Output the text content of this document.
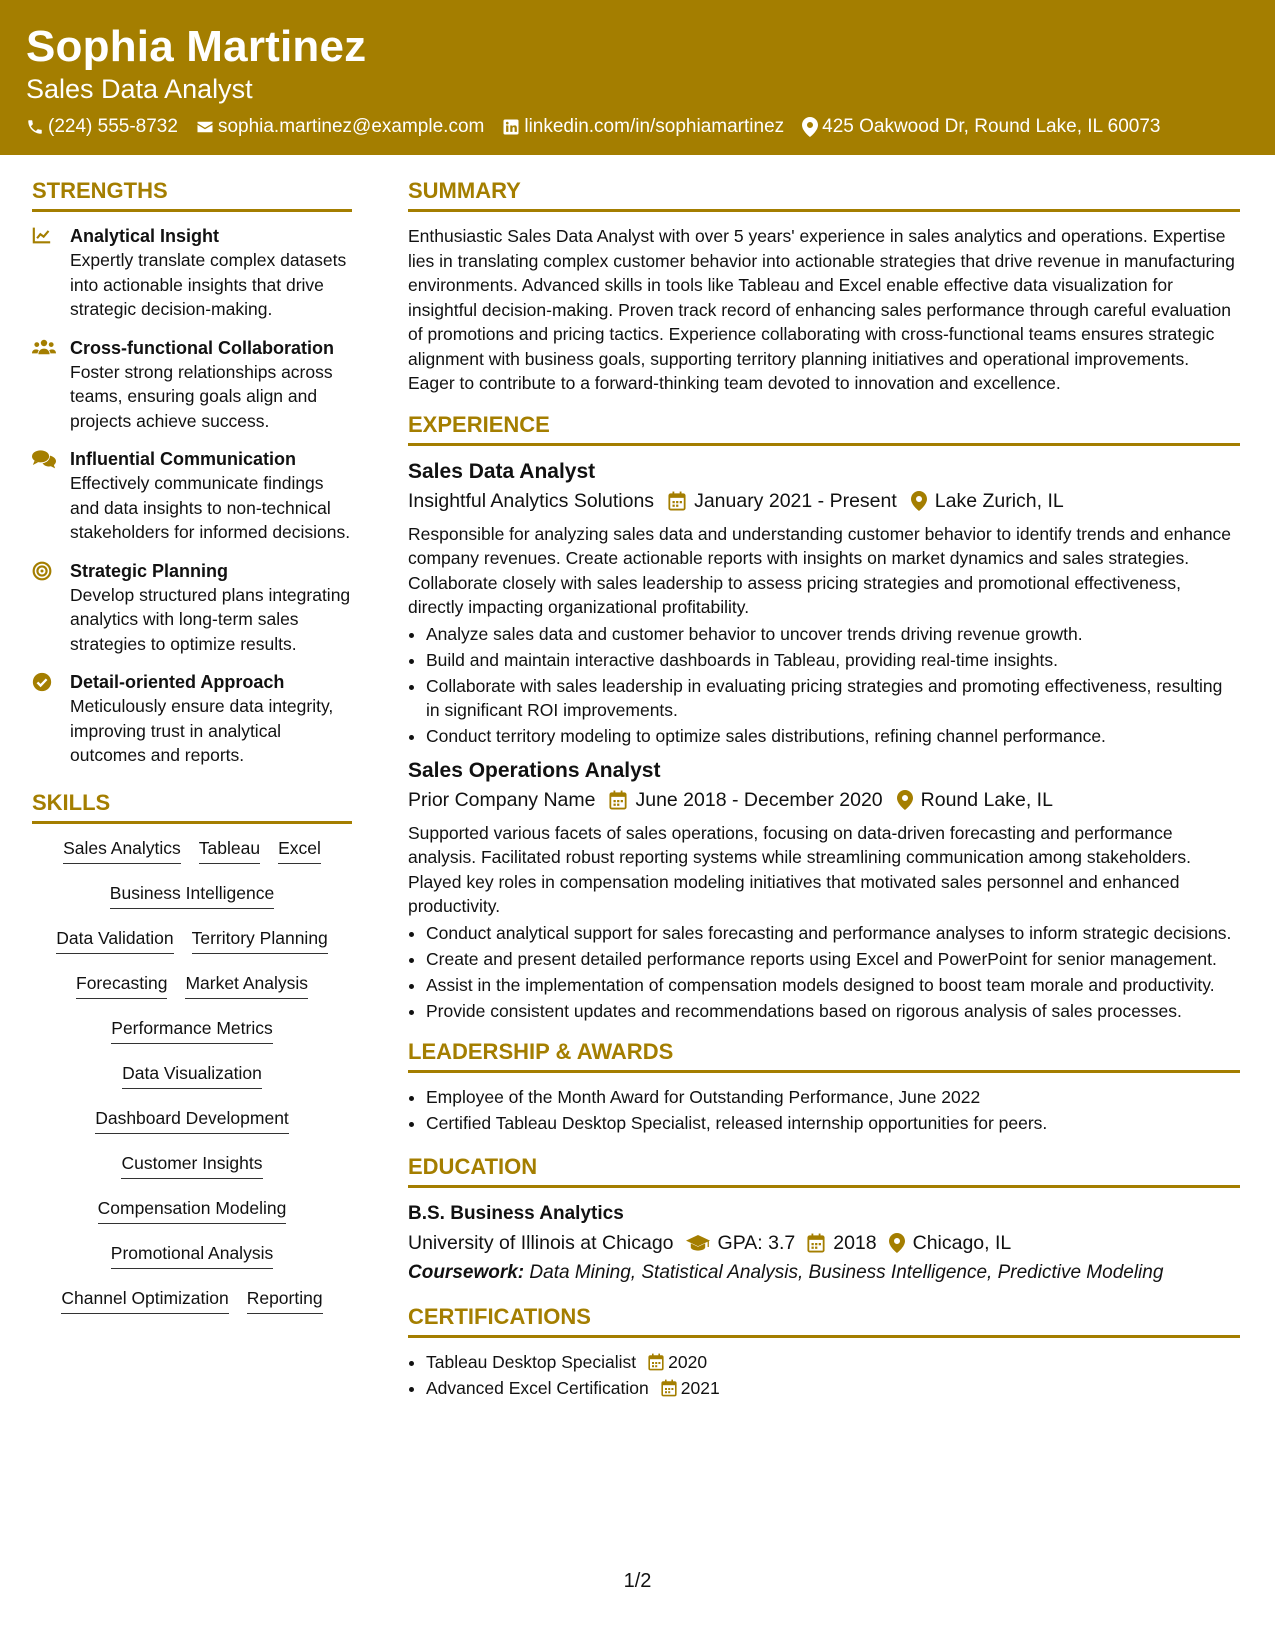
Sophia Martinez
Sales Data Analyst
(224) 555-8732 sophia.martinez@example.com linkedin.com/in/sophiamartinez 425 Oakwood Dr, Round Lake, IL 60073
STRENGTHS
Analytical Insight
Expertly translate complex datasets into actionable insights that drive strategic decision-making.
Cross-functional Collaboration
Foster strong relationships across teams, ensuring goals align and projects achieve success.
Influential Communication
Effectively communicate findings and data insights to non-technical stakeholders for informed decisions.
Strategic Planning
Develop structured plans integrating analytics with long-term sales strategies to optimize results.
Detail-oriented Approach
Meticulously ensure data integrity, improving trust in analytical outcomes and reports.
SKILLS
Sales Analytics Tableau Excel
Business Intelligence
Data Validation Territory Planning
Forecasting Market Analysis
Performance Metrics
Data Visualization
Dashboard Development
Customer Insights
Compensation Modeling
Promotional Analysis
Channel Optimization Reporting
SUMMARY
Enthusiastic Sales Data Analyst with over 5 years' experience in sales analytics and operations. Expertise lies in translating complex customer behavior into actionable strategies that drive revenue in manufacturing environments. Advanced skills in tools like Tableau and Excel enable effective data visualization for insightful decision-making. Proven track record of enhancing sales performance through careful evaluation of promotions and pricing tactics. Experience collaborating with cross-functional teams ensures strategic alignment with business goals, supporting territory planning initiatives and operational improvements. Eager to contribute to a forward-thinking team devoted to innovation and excellence.
EXPERIENCE
Sales Data Analyst
Insightful Analytics Solutions January 2021 - Present Lake Zurich, IL
Responsible for analyzing sales data and understanding customer behavior to identify trends and enhance company revenues. Create actionable reports with insights on market dynamics and sales strategies. Collaborate closely with sales leadership to assess pricing strategies and promotional effectiveness, directly impacting organizational profitability.
• Analyze sales data and customer behavior to uncover trends driving revenue growth.
• Build and maintain interactive dashboards in Tableau, providing real-time insights.
• Collaborate with sales leadership in evaluating pricing strategies and promoting effectiveness, resulting in significant ROI improvements.
• Conduct territory modeling to optimize sales distributions, refining channel performance.
Sales Operations Analyst
Prior Company Name June 2018 - December 2020 Round Lake, IL
Supported various facets of sales operations, focusing on data-driven forecasting and performance analysis. Facilitated robust reporting systems while streamlining communication among stakeholders. Played key roles in compensation modeling initiatives that motivated sales personnel and enhanced productivity.
• Conduct analytical support for sales forecasting and performance analyses to inform strategic decisions.
• Create and present detailed performance reports using Excel and PowerPoint for senior management.
• Assist in the implementation of compensation models designed to boost team morale and productivity.
• Provide consistent updates and recommendations based on rigorous analysis of sales processes.
LEADERSHIP & AWARDS
• Employee of the Month Award for Outstanding Performance, June 2022
• Certified Tableau Desktop Specialist, released internship opportunities for peers.
EDUCATION
B.S. Business Analytics
University of Illinois at Chicago GPA: 3.7 2018 Chicago, IL
Coursework: Data Mining, Statistical Analysis, Business Intelligence, Predictive Modeling
CERTIFICATIONS
• Tableau Desktop Specialist 2020
• Advanced Excel Certification 2021
1/2
